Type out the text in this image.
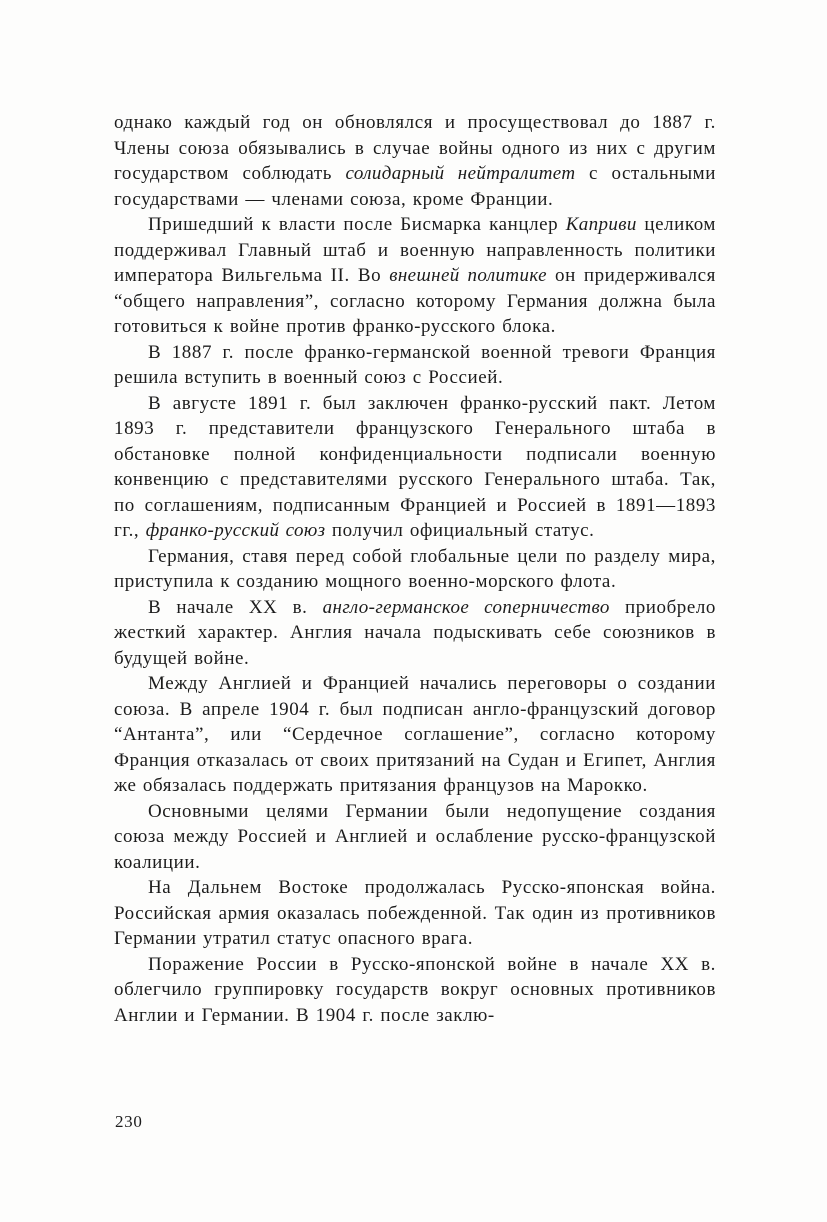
однако каждый год он обновлялся и просуществовал до 1887 г. Члены союза обязывались в случае войны одного из них с другим государством соблюдать солидарный нейтралитет с остальными государствами — членами союза, кроме Франции.

Пришедший к власти после Бисмарка канцлер Каприви целиком поддерживал Главный штаб и военную направленность политики императора Вильгельма II. Во внешней политике он придерживался “общего направления”, согласно которому Германия должна была готовиться к войне против франко-русского блока.

В 1887 г. после франко-германской военной тревоги Франция решила вступить в военный союз с Россией.

В августе 1891 г. был заключен франко-русский пакт. Летом 1893 г. представители французского Генерального штаба в обстановке полной конфиденциальности подписали военную конвенцию с представителями русского Генерального штаба. Так, по соглашениям, подписанным Францией и Россией в 1891—1893 гг., франко-русский союз получил официальный статус.

Германия, ставя перед собой глобальные цели по разделу мира, приступила к созданию мощного военно-морского флота.

В начале XX в. англо-германское соперничество приобрело жесткий характер. Англия начала подыскивать себе союзников в будущей войне.

Между Англией и Францией начались переговоры о создании союза. В апреле 1904 г. был подписан англо-французский договор “Антанта”, или “Сердечное соглашение”, согласно которому Франция отказалась от своих притязаний на Судан и Египет, Англия же обязалась поддержать притязания французов на Марокко.

Основными целями Германии были недопущение создания союза между Россией и Англией и ослабление русско-французской коалиции.

На Дальнем Востоке продолжалась Русско-японская война. Российская армия оказалась побежденной. Так один из противников Германии утратил статус опасного врага.

Поражение России в Русско-японской войне в начале XX в. облегчило группировку государств вокруг основных противников Англии и Германии. В 1904 г. после заклю-

230
